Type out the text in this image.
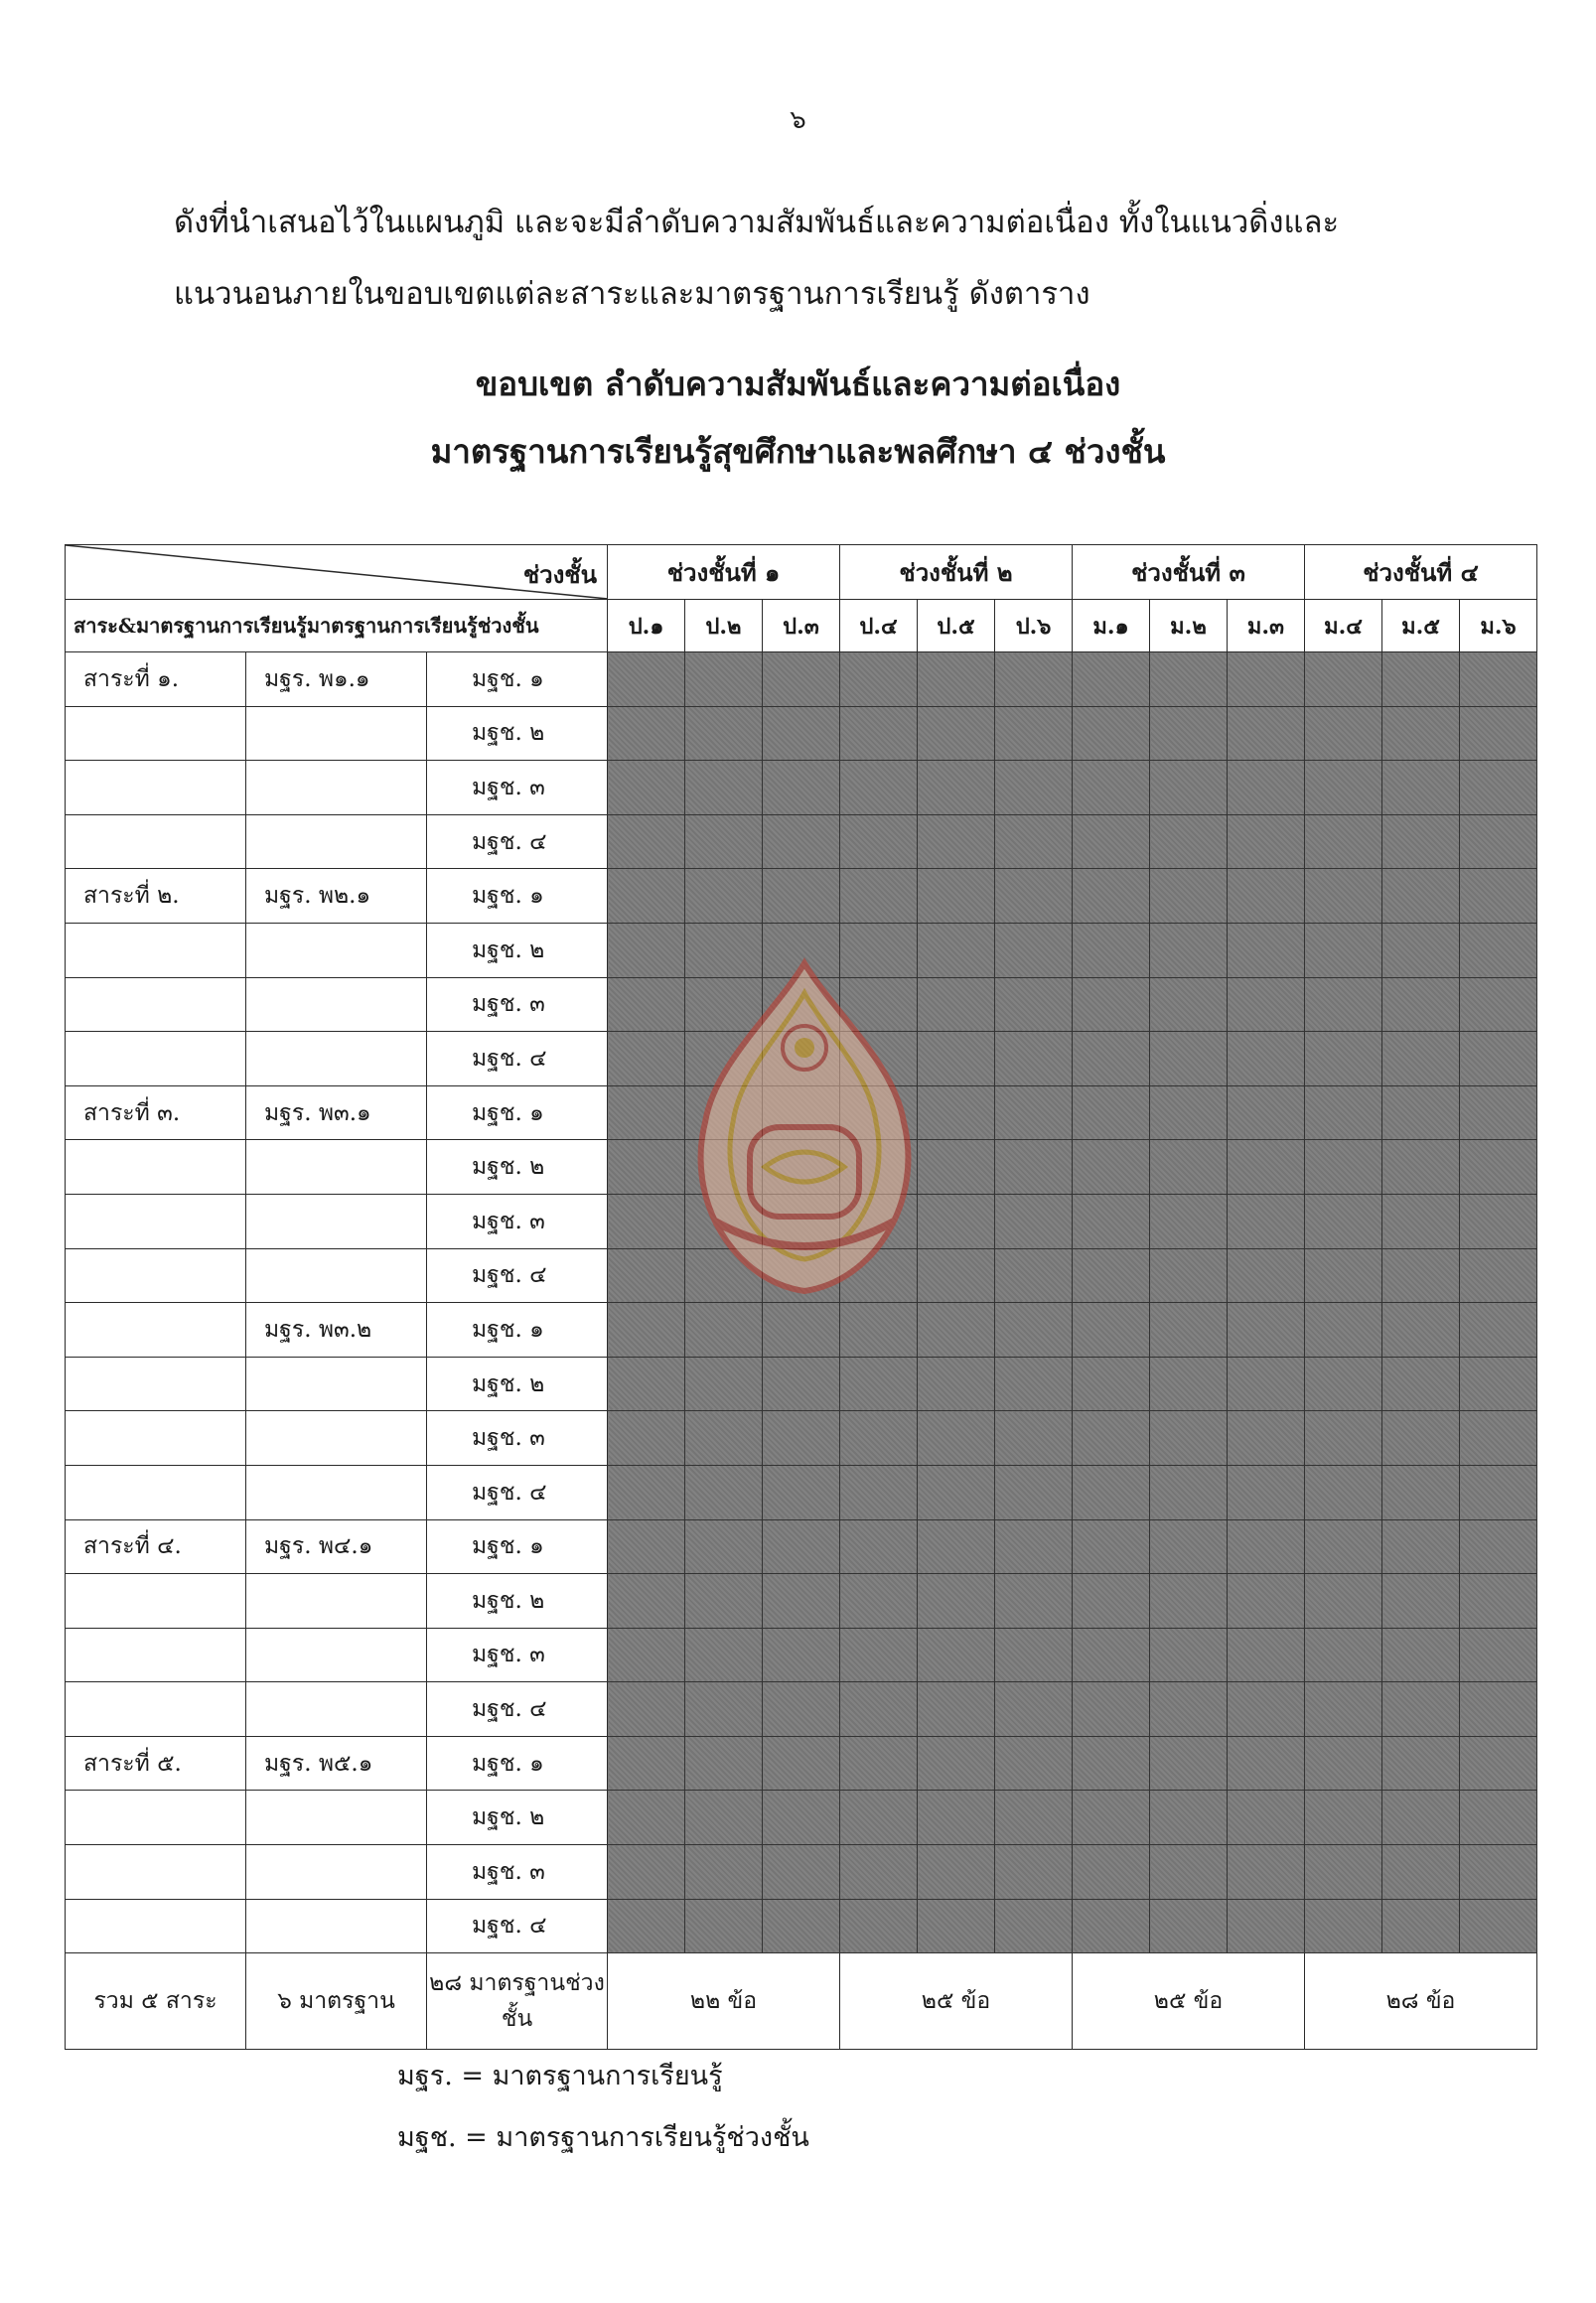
๖

ดังที่นำเสนอไว้ในแผนภูมิ และจะมีลำดับความสัมพันธ์และความต่อเนื่อง ทั้งในแนวดิ่งและ

แนวนอนภายในขอบเขตแต่ละสาระและมาตรฐานการเรียนรู้ ดังตาราง

ขอบเขต ลำดับความสัมพันธ์และความต่อเนื่อง
มาตรฐานการเรียนรู้สุขศึกษาและพลศึกษา ๔ ช่วงชั้น
ช่วงชั้น			ช่วงชั้นที่ ๑			ช่วงชั้นที่ ๒			ช่วงชั้นที่ ๓			ช่วงชั้นที่ ๔		
สาระ&มาตรฐานการเรียนรู้มาตรฐานการเรียนรู้ช่วงชั้น			ป.๑	ป.๒	ป.๓	ป.๔	ป.๕	ป.๖	ม.๑	ม.๒	ม.๓	ม.๔	ม.๕	ม.๖
สาระที่ ๑.	มฐร. พ๑.๑	มฐช. ๑												
		มฐช. ๒												
		มฐช. ๓												
		มฐช. ๔												
สาระที่ ๒.	มฐร. พ๒.๑	มฐช. ๑												
		มฐช. ๒												
		มฐช. ๓												
		มฐช. ๔												
สาระที่ ๓.	มฐร. พ๓.๑	มฐช. ๑												
		มฐช. ๒												
		มฐช. ๓												
		มฐช. ๔												
	มฐร. พ๓.๒	มฐช. ๑												
		มฐช. ๒												
		มฐช. ๓												
		มฐช. ๔												
สาระที่ ๔.	มฐร. พ๔.๑	มฐช. ๑												
		มฐช. ๒												
		มฐช. ๓												
		มฐช. ๔												
สาระที่ ๕.	มฐร. พ๕.๑	มฐช. ๑												
		มฐช. ๒												
		มฐช. ๓												
		มฐช. ๔												
รวม ๕ สาระ	๖ มาตรฐาน	๒๘ มาตรฐานช่วงชั้น	๒๒ ข้อ			๒๕ ข้อ			๒๕ ข้อ			๒๘ ข้อ		

มฐร. = มาตรฐานการเรียนรู้

มฐช. = มาตรฐานการเรียนรู้ช่วงชั้น
